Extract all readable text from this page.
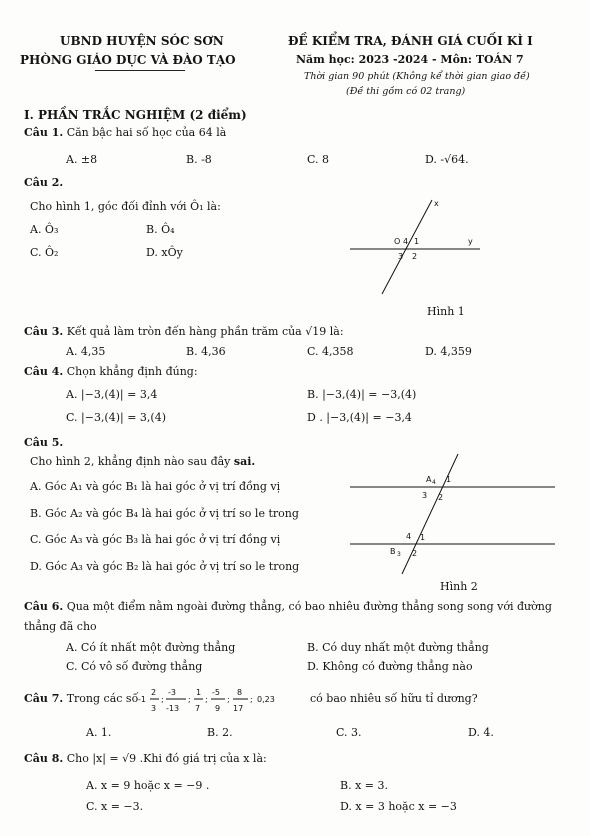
UBND HUYỆN SÓC SƠN
PHÒNG GIÁO DỤC VÀ ĐÀO TẠO
ĐỀ KIỂM TRA, ĐÁNH GIÁ CUỐI KÌ I
Năm học: 2023 -2024 - Môn: TOÁN 7
Thời gian 90 phút (Không kể thời gian giao đề)
(Đề thi gồm có 02 trang)
I. PHẦN TRẮC NGHIỆM (2 điểm)
Câu 1. Căn bậc hai số học của 64 là
A. ±8	B. -8	C. 8	D. -√64.
Câu 2.
Cho hình 1, góc đối đỉnh với Ô₁ là:
A. Ô₃	B. Ô₄
C. Ô₂	D. xÔy
O 4 1
3 2
x
y
Hình 1
Câu 3. Kết quả làm tròn đến hàng phần trăm của √19 là:
A. 4,35	B. 4,36	C. 4,358	D. 4,359
Câu 4. Chọn khẳng định đúng:
A. |−3,(4)| = 3,4	B. |−3,(4)| = −3,(4)
C. |−3,(4)| = 3,(4)	D . |−3,(4)| = −3,4
Câu 5.
Cho hình 2, khẳng định nào sau đây sai.
A. Góc A₁ và góc B₁ là hai góc ở vị trí đồng vị
B. Góc A₂ và góc B₄ là hai góc ở vị trí so le trong
C. Góc A₃ và góc B₃ là hai góc ở vị trí đồng vị
D. Góc A₃ và góc B₂ là hai góc ở vị trí so le trong
A 4 1
3 2
4 1
B 3 2
Hình 2
Câu 6. Qua một điểm nằm ngoài đường thẳng, có bao nhiêu đường thẳng song song với đường
thẳng đã cho
A. Có ít nhất một đường thẳng	B. Có duy nhất một đường thẳng
C. Có vô số đường thẳng	D. Không có đường thẳng nào
Câu 7. Trong các số -1
2
3
;
-3
-13
;
1
7
;
-5
9
;
8
17
; 0,23	có bao nhiêu số hữu tỉ dương?
A. 1.	B. 2.	C. 3.	D. 4.
Câu 8. Cho |x| = √9 .Khi đó giá trị của x là:
A. x = 9 hoặc x = −9 .	B. x = 3.
C. x = −3.	D. x = 3 hoặc x = −3
